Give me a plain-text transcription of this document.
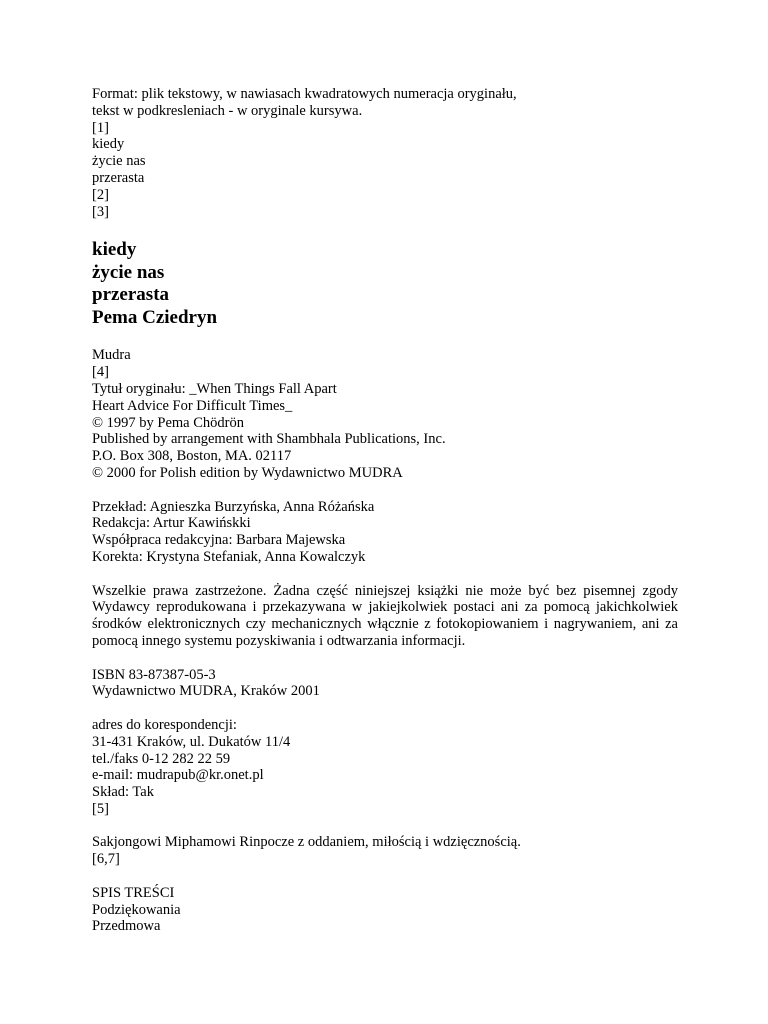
Format: plik tekstowy, w nawiasach kwadratowych numeracja oryginału,
tekst w podkresleniach - w oryginale kursywa.
[1]
kiedy
życie nas
przerasta
[2]
[3]
kiedy
życie nas
przerasta
Pema Cziedryn
Mudra
[4]
Tytuł oryginału: _When Things Fall Apart
Heart Advice For Difficult Times_
© 1997 by Pema Chödrön
Published by arrangement with Shambhala Publications, Inc.
P.O. Box 308, Boston, MA. 02117
© 2000 for Polish edition by Wydawnictwo MUDRA
Przekład: Agnieszka Burzyńska, Anna Różańska
Redakcja: Artur Kawińskki
Współpraca redakcyjna: Barbara Majewska
Korekta: Krystyna Stefaniak, Anna Kowalczyk
Wszelkie prawa zastrzeżone. Żadna część niniejszej książki nie może być bez pisemnej zgody Wydawcy reprodukowana i przekazywana w jakiejkolwiek postaci ani za pomocą jakichkolwiek środków elektronicznych czy mechanicznych włącznie z fotokopiowaniem i nagrywaniem, ani za pomocą innego systemu pozyskiwania i odtwarzania informacji.
ISBN 83-87387-05-3
Wydawnictwo MUDRA, Kraków 2001
adres do korespondencji:
31-431 Kraków, ul. Dukatów 11/4
tel./faks 0-12 282 22 59
e-mail: mudrapub@kr.onet.pl
Skład: Tak
[5]
Sakjongowi Miphamowi Rinpocze z oddaniem, miłością i wdzięcznością.
[6,7]
SPIS TREŚCI
Podziękowania
Przedmowa
